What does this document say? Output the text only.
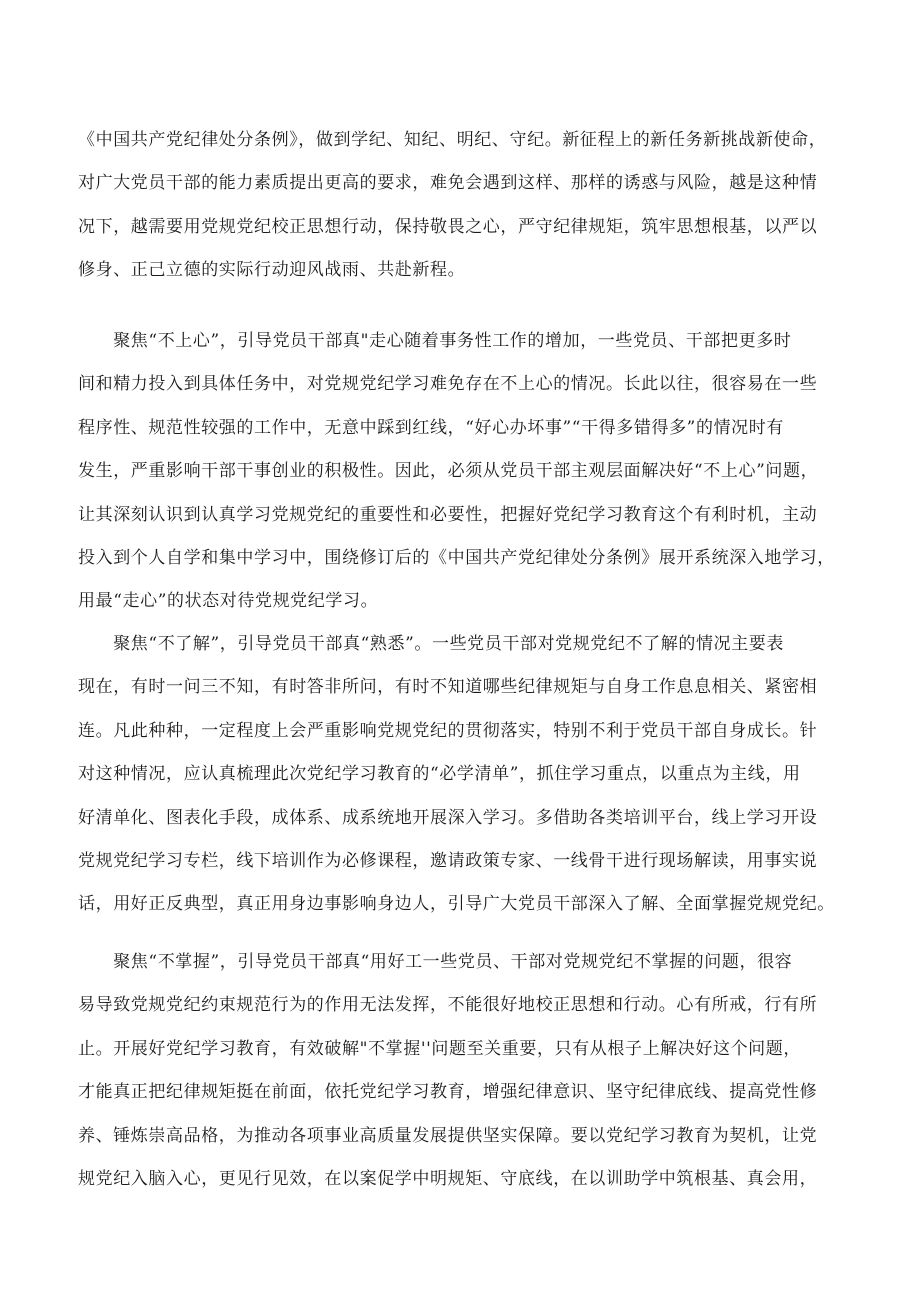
《中国共产党纪律处分条例》，做到学纪、知纪、明纪、守纪。新征程上的新任务新挑战新使命，
对广大党员干部的能力素质提出更高的要求，难免会遇到这样、那样的诱惑与风险，越是这种情
况下，越需要用党规党纪校正思想行动，保持敬畏之心，严守纪律规矩，筑牢思想根基，以严以
修身、正己立德的实际行动迎风战雨、共赴新程。
　　聚焦“不上心”，引导党员干部真"走心随着事务性工作的增加，一些党员、干部把更多时
间和精力投入到具体任务中，对党规党纪学习难免存在不上心的情况。长此以往，很容易在一些
程序性、规范性较强的工作中，无意中踩到红线，“好心办坏事”“干得多错得多”的情况时有
发生，严重影响干部干事创业的积极性。因此，必须从党员干部主观层面解决好“不上心”问题，
让其深刻认识到认真学习党规党纪的重要性和必要性，把握好党纪学习教育这个有利时机，主动
投入到个人自学和集中学习中，围绕修订后的《中国共产党纪律处分条例》展开系统深入地学习，
用最“走心”的状态对待党规党纪学习。
　　聚焦“不了解”，引导党员干部真“熟悉”。一些党员干部对党规党纪不了解的情况主要表
现在，有时一问三不知，有时答非所问，有时不知道哪些纪律规矩与自身工作息息相关、紧密相
连。凡此种种，一定程度上会严重影响党规党纪的贯彻落实，特别不利于党员干部自身成长。针
对这种情况，应认真梳理此次党纪学习教育的“必学清单”，抓住学习重点，以重点为主线，用
好清单化、图表化手段，成体系、成系统地开展深入学习。多借助各类培训平台，线上学习开设
党规党纪学习专栏，线下培训作为必修课程，邀请政策专家、一线骨干进行现场解读，用事实说
话，用好正反典型，真正用身边事影响身边人，引导广大党员干部深入了解、全面掌握党规党纪。
　　聚焦“不掌握”，引导党员干部真“用好工一些党员、干部对党规党纪不掌握的问题，很容
易导致党规党纪约束规范行为的作用无法发挥，不能很好地校正思想和行动。心有所戒，行有所
止。开展好党纪学习教育，有效破解"不掌握''问题至关重要，只有从根子上解决好这个问题，
才能真正把纪律规矩挺在前面，依托党纪学习教育，增强纪律意识、坚守纪律底线、提高党性修
养、锤炼崇高品格，为推动各项事业高质量发展提供坚实保障。要以党纪学习教育为契机，让党
规党纪入脑入心，更见行见效，在以案促学中明规矩、守底线，在以训助学中筑根基、真会用，
